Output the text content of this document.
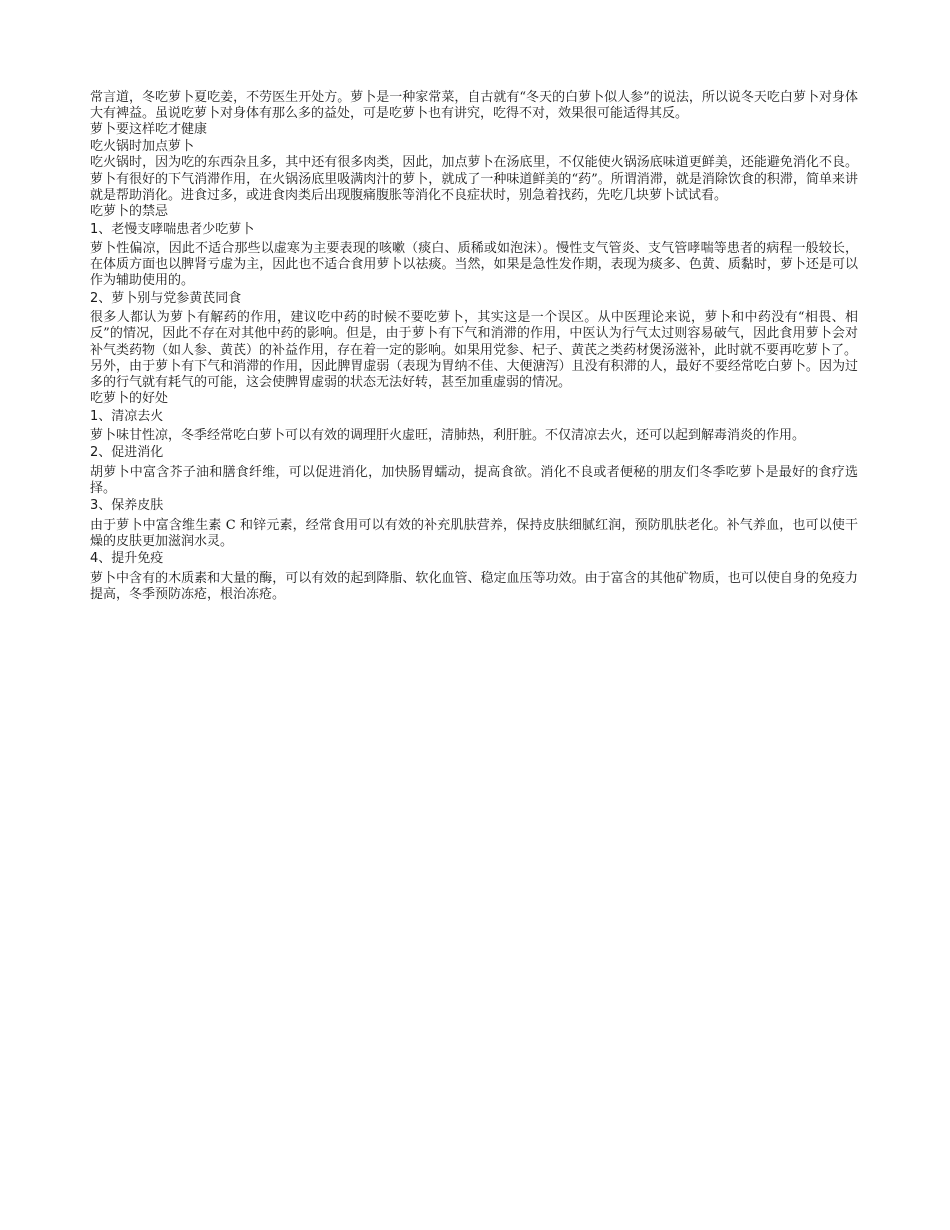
常言道，冬吃萝卜夏吃姜，不劳医生开处方。萝卜是一种家常菜，自古就有“冬天的白萝卜似人参”的说法，所以说冬天吃白萝卜对身体大有裨益。虽说吃萝卜对身体有那么多的益处，可是吃萝卜也有讲究，吃得不对，效果很可能适得其反。

萝卜要这样吃才健康

吃火锅时加点萝卜

吃火锅时，因为吃的东西杂且多，其中还有很多肉类，因此，加点萝卜在汤底里，不仅能使火锅汤底味道更鲜美，还能避免消化不良。萝卜有很好的下气消滞作用，在火锅汤底里吸满肉汁的萝卜，就成了一种味道鲜美的“药”。所谓消滞，就是消除饮食的积滞，简单来讲就是帮助消化。进食过多，或进食肉类后出现腹痛腹胀等消化不良症状时，别急着找药，先吃几块萝卜试试看。

吃萝卜的禁忌

1、老慢支哮喘患者少吃萝卜

萝卜性偏凉，因此不适合那些以虚寒为主要表现的咳嗽（痰白、质稀或如泡沫）。慢性支气管炎、支气管哮喘等患者的病程一般较长，在体质方面也以脾肾亏虚为主，因此也不适合食用萝卜以祛痰。当然，如果是急性发作期，表现为痰多、色黄、质黏时，萝卜还是可以作为辅助使用的。

2、萝卜别与党参黄芪同食

很多人都认为萝卜有解药的作用，建议吃中药的时候不要吃萝卜，其实这是一个误区。从中医理论来说，萝卜和中药没有“相畏、相反”的情况，因此不存在对其他中药的影响。但是，由于萝卜有下气和消滞的作用，中医认为行气太过则容易破气，因此食用萝卜会对补气类药物（如人参、黄芪）的补益作用，存在着一定的影响。如果用党参、杞子、黄芪之类药材煲汤滋补，此时就不要再吃萝卜了。

另外，由于萝卜有下气和消滞的作用，因此脾胃虚弱（表现为胃纳不佳、大便溏泻）且没有积滞的人，最好不要经常吃白萝卜。因为过多的行气就有耗气的可能，这会使脾胃虚弱的状态无法好转，甚至加重虚弱的情况。

吃萝卜的好处

1、清凉去火

萝卜味甘性凉，冬季经常吃白萝卜可以有效的调理肝火虚旺，清肺热，利肝脏。不仅清凉去火，还可以起到解毒消炎的作用。

2、促进消化

胡萝卜中富含芥子油和膳食纤维，可以促进消化，加快肠胃蠕动，提高食欲。消化不良或者便秘的朋友们冬季吃萝卜是最好的食疗选择。

3、保养皮肤

由于萝卜中富含维生素 C 和锌元素，经常食用可以有效的补充肌肤营养，保持皮肤细腻红润，预防肌肤老化。补气养血，也可以使干燥的皮肤更加滋润水灵。

4、提升免疫

萝卜中含有的木质素和大量的酶，可以有效的起到降脂、软化血管、稳定血压等功效。由于富含的其他矿物质，也可以使自身的免疫力提高，冬季预防冻疮，根治冻疮。
